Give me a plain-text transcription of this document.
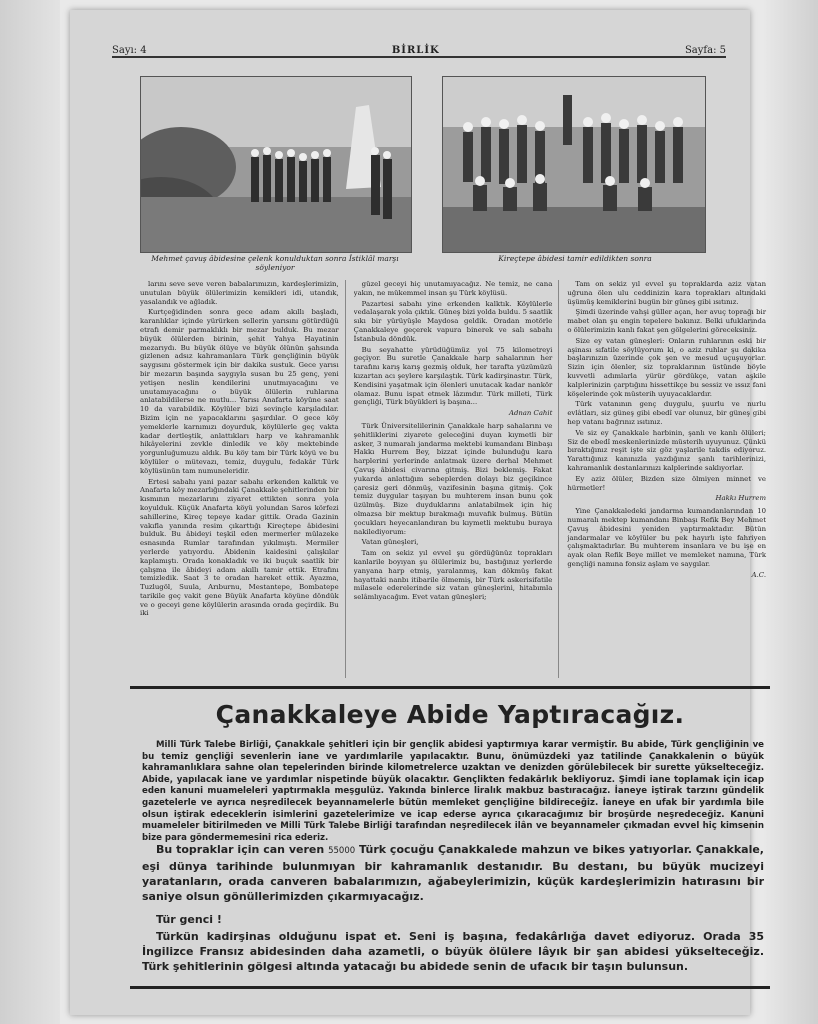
Sayı: 4	BİRLİK	Sayfa: 5
Mehmet çavuş âbidesine çelenk konulduktan sonra İstiklâl marşı söyleniyor
Kireçtepe âbidesi tamir edildikten sonra

larını seve seve veren babalarımızın, kardeşlerimizin, unutulan büyük ölülerimizin kemikleri idi, utandık, yasalandık ve ağladık.

Kurtçeğidinden sonra gece adam akıllı başladı, karanlıklar içinde yürürken sellerin yarısını götürdüğü etrafı demir parmaklıklı bir mezar bulduk. Bu mezar büyük ölülerden birinin, şehit Yahya Hayatinin mezarıydı. Bu büyük ölüye ve büyük ölünün şahsında gizlenen adsız kahramanlara Türk gençliğinin büyük saygısını göstermek için bir dakika sustuk. Gece yarısı bir mezarın başında saygıyla susan bu 25 genç, yeni yetişen neslin kendilerini unutmıyacağını ve unutamıyacağını o büyük ölülerin ruhlarına anlatabildilerse ne mutlu... Yarısı Anafarta köyüne saat 10 da varabildik. Köylüler bizi sevinçle karşıladılar. Bizim için ne yapacaklarını şaşırdılar. O gece köy yemeklerle karnımızı doyurduk, köylülerle geç vakta kadar dertleştik, anlattıkları harp ve kahramanlık hikâyelerini zevkle dinledik ve köy mektebinde yorgunluğumuzu aldık. Bu köy tam bir Türk köyü ve bu köylüler o mütevazı, temiz, duygulu, fedakâr Türk köylüsünün tam numuneleridir.

Ertesi sabahı yani pazar sabahı erkenden kalktık ve Anafarta köy mezarlığındaki Çanakkale şehitlerinden bir kısmının mezarlarını ziyaret ettikten sonra yola koyulduk. Küçük Anafarta köyü yolundan Saros körfezi sahillerine, Kireç tepeye kadar gittik. Orada Gazinin vakıfla yanında resim çıkarttığı Kireçtepe âbidesini bulduk. Bu âbideyi teşkil eden mermerler mülazeke esnasında Rumlar tarafından yıkılmıştı. Mermiler yerlerde yatıyordu. Âbidenin kaidesini çalışkılar kaplamıştı. Orada konakladık ve iki buçuk saatlik bir çalışma ile âbideyi adam akıllı tamir ettik. Etrafını temizledik. Saat 3 te oradan hareket ettik. Ayazma, Tuzlugöl, Suula, Arıburnu, Mestantepe, Bombatepe tarikile geç vakit gene Büyük Anafarta köyüne döndük ve o geceyi gene köylülerin arasında orada geçirdik. Bu iki

güzel geceyi hiç unutamıyacağız. Ne temiz, ne cana yakın, ne mükemmel insan şu Türk köylüsü.

Pazartesi sabahı yine erkenden kalktık. Köylülerle vedalaşarak yola çıktık. Güneş bizi yolda buldu. 5 saatlik sıkı bir yürüyüşle Maydosa geldik. Oradan motörle Çanakkaleye geçerek vapura binerek ve salı sabahı İstanbula döndük.

Bu seyahatte yürüdüğümüz yol 75 kilometreyi geçiyor. Bu suretle Çanakkale harp sahalarının her tarafını karış karış gezmiş olduk, her tarafta yüzümüzü kızartan acı şeylere karşılaştık. Türk kadirşinastır. Türk, Kendisini yaşatmak için ölenleri unutacak kadar nankör olamaz. Bunu ispat etmek lâzımdır. Türk milleti, Türk gençliği, Türk büyükleri iş başına...

Adnan Cahit

Türk Üniversitelilerinin Çanakkale harp sahalarını ve şehitliklerini ziyarete geleceğini duyan kıymetli bir asker, 3 numaralı jandarma mektebi kumandanı Binbaşı Hakkı Hurrem Bey, bizzat içinde bulunduğu kara harplerini yerlerinde anlatmak üzere derhal Mehmet Çavuş âbidesi civarına gitmiş. Bizi beklemiş. Fakat yukarda anlattığım sebeplerden dolayı biz geçikince çaresiz geri dönmüş, vazifesinin başına gitmiş. Çok temiz duygular taşıyan bu muhterem insan bunu çok üzülmüş. Bize duyduklarını anlatabilmek için hiç olmazsa bir mektup bırakmağı muvafık bulmuş. Bütün çocukları heyecanlandıran bu kıymetli mektubu buraya nakilediyorum:

Vatan güneşleri,

Tam on sekiz yıl evvel şu gördüğünüz toprakları kanlarile boyıyan şu ölülerimiz bu, bastığınız yerlerde yanyana harp etmiş, yaralanmış, kan dökmüş fakat hayattaki nanbı itibarile ölmemiş, bir Türk askerisifatile milasele ederelerinde siz vatan güneşlerini, hitabımla selâmlıyacağım. Evet vatan güneşleri;

Tam on sekiz yıl evvel şu topraklarda aziz vatan uğruna ölen ulu ceddinizin kara toprakları altındaki üşümüş kemiklerini bugün bir güneş gibi ısıtınız.

Şimdi üzerinde vahşi güller açan, her avuç toprağı bir mabet olan şu engin tepelere bakınız. Belki ufuklarında o ölülerimizin kanlı fakat şen gölgelerini göreceksiniz.

Size ey vatan güneşleri: Onların ruhlarının eski bir aşinası sıfatile söylüyorum ki, o aziz ruhlar şu dakika başlarınızın üzerinde çok şen ve mesud uçuşuyorlar. Sizin için ölenler, siz topraklarının üstünde böyle kuvvetli adımlarla yürür gördükçe, vatan aşkile kalplerinizin çarptığını hissettikçe bu sessiz ve ıssız fani köşelerinde çok müsterih uyuyacaklardır.

Türk vatanının genç duygulu, şuurlu ve nurlu evlâtları, siz güneş gibi ebedî var olunuz, bir güneş gibi hep vatanı bağrınız ısıtınız.

Ve siz ey Çanakkale harbinin, şanlı ve kanlı ölüleri; Siz de ebedî meskenlerinizde müsterih uyuyunuz. Çünkü bıraktığınız reşit işte siz göz yaşlarile takdis ediyoruz. Yarattığınız kanınızla yazdığınız şanlı tarihlerinizi, kahramanlık destanlarınızı kalplerinde saklıyorlar.

Ey aziz ölüler, Bizden size ölmiyen minnet ve hürmetler!

Hakkı Hurrem

Yine Çanakkaledeki jandarma kumandanlarından 10 numaralı mektep kumandanı Binbaşı Refik Bey Mehmet Çavuş âbidesini yeniden yaptırmaktadır. Bütün jandarmalar ve köylüler bu pek hayırlı işte fahriyen çalışmaktadırlar. Bu muhterem insanlara ve bu işe en ayak olan Refik Beye millet ve memleket namına, Türk gençliği namına fonsiz aşlam ve saygılar.

A.C.
Çanakkaleye Abide Yaptıracağız.

Milli Türk Talebe Birliği, Çanakkale şehitleri için bir gençlik abidesi yaptırmıya karar vermiştir. Bu abide, Türk gençliğinin ve bu temiz gençliği sevenlerin iane ve yardımlarile yapılacaktır. Bunu, önümüzdeki yaz tatilinde Çanakkalenin o büyük kahramanlıklara sahne olan tepelerinden birinde kilometrelerce uzaktan ve denizden görülebilecek bir surette yükselteceğiz. Abide, yapılacak iane ve yardımlar nispetinde büyük olacaktır. Gençlikten fedakârlık bekliyoruz. Şimdi iane toplamak için icap eden kanuni muameleleri yaptırmakla meşgulüz. Yakında binlerce liralık makbuz bastıracağız. İaneye iştirak tarzını gündelik gazetelerle ve ayrıca neşredilecek beyannamelerle bütün memleket gençliğine bildireceğiz. İaneye en ufak bir yardımla bile olsun iştirak edeceklerin isimlerini gazetelerimize ve icap ederse ayrıca çıkaracağımız bir broşürde neşredeceğiz. Kanuni muameleler bitirilmeden ve Milli Türk Talebe Birliği tarafından neşredilecek ilân ve beyannameler çıkmadan evvel hiç kimsenin bize para göndermemesini rica ederiz.

Bu topraklar için can veren 55000 Türk çocuğu Çanakkalede mahzun ve bikes yatıyorlar. Çanakkale, eşi dünya tarihinde bulunmıyan bir kahramanlık destanıdır. Bu destanı, bu büyük mucizeyi yaratanların, orada canveren babalarımızın, ağabeylerimizin, küçük kardeşlerimizin hatırasını bir saniye olsun gönüllerimizden çıkarmıyacağız.

Tür genci !

Türkün kadirşinas olduğunu ispat et. Seni iş başına, fedakârlığa davet ediyoruz. Orada 35 İngilizce Fransız abidesinden daha azametli, o büyük ölülere lâyık bir şan abidesi yükselteceğiz. Türk şehitlerinin gölgesi altında yatacağı bu abidede senin de ufacık bir taşın bulunsun.
